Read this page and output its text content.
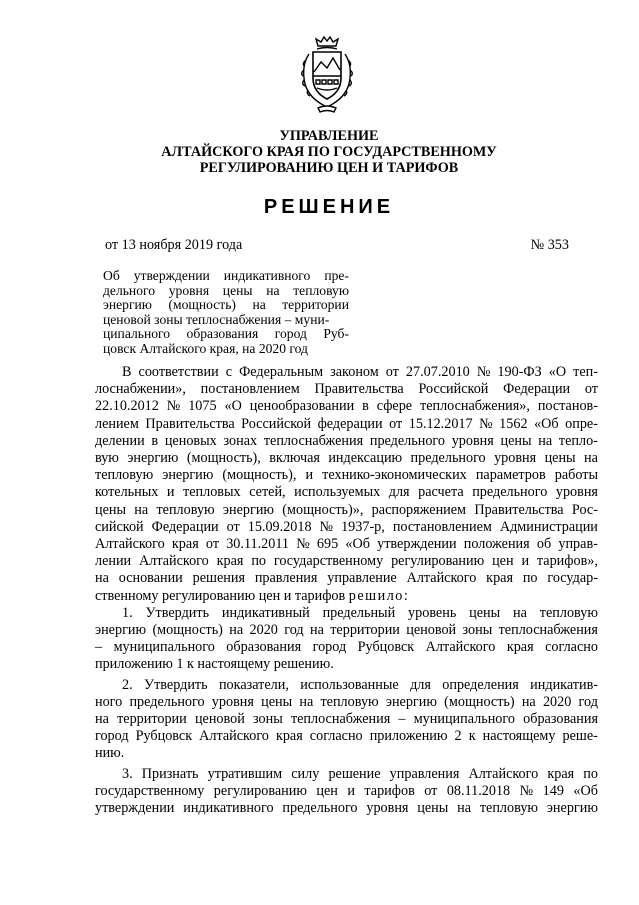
УПРАВЛЕНИЕ
АЛТАЙСКОГО КРАЯ ПО ГОСУДАРСТВЕННОМУ
РЕГУЛИРОВАНИЮ ЦЕН И ТАРИФОВ
РЕШЕНИЕ
от 13 ноября 2019 года	№ 353
Об утверждении индикативного пре-
дельного уровня цены на тепловую
энергию (мощность) на территории
ценовой зоны теплоснабжения – муни-
ципального образования город Руб-
цовск Алтайского края, на 2020 год
В соответствии с Федеральным законом от 27.07.2010 № 190-ФЗ «О теп-
лоснабжении», постановлением Правительства Российской Федерации от
22.10.2012 № 1075 «О ценообразовании в сфере теплоснабжения», постанов-
лением Правительства Российской федерации от 15.12.2017 № 1562 «Об опре-
делении в ценовых зонах теплоснабжения предельного уровня цены на тепло-
вую энергию (мощность), включая индексацию предельного уровня цены на
тепловую энергию (мощность), и технико-экономических параметров работы
котельных и тепловых сетей, используемых для расчета предельного уровня
цены на тепловую энергию (мощность)», распоряжением Правительства Рос-
сийской Федерации от 15.09.2018 № 1937-р, постановлением Администрации
Алтайского края от 30.11.2011 № 695 «Об утверждении положения об управ-
лении Алтайского края по государственному регулированию цен и тарифов»,
на основании решения правления управление Алтайского края по государ-
ственному регулированию цен и тарифов решило:
1. Утвердить индикативный предельный уровень цены на тепловую
энергию (мощность) на 2020 год на территории ценовой зоны теплоснабжения
– муниципального образования город Рубцовск Алтайского края согласно
приложению 1 к настоящему решению.
2. Утвердить показатели, использованные для определения индикатив-
ного предельного уровня цены на тепловую энергию (мощность) на 2020 год
на территории ценовой зоны теплоснабжения – муниципального образования
город Рубцовск Алтайского края согласно приложению 2 к настоящему реше-
нию.
3. Признать утратившим силу решение управления Алтайского края по
государственному регулированию цен и тарифов от 08.11.2018 № 149 «Об
утверждении индикативного предельного уровня цены на тепловую энергию
